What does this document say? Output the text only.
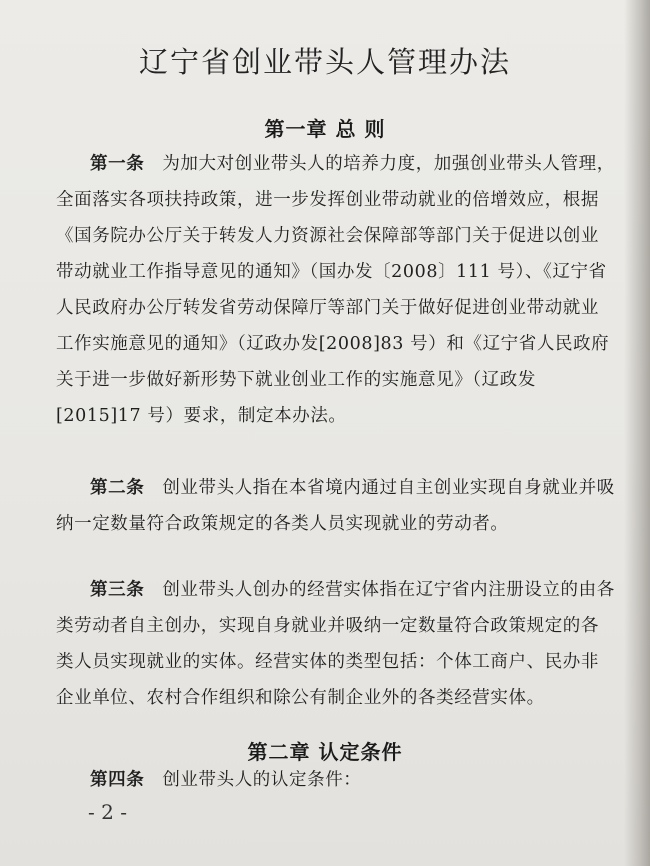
辽宁省创业带头人管理办法
第一章 总 则
第一条 为加大对创业带头人的培养力度，加强创业带头人管理，全面落实各项扶持政策，进一步发挥创业带动就业的倍增效应，根据《国务院办公厅关于转发人力资源社会保障部等部门关于促进以创业带动就业工作指导意见的通知》（国办发〔2008〕111 号）、《辽宁省人民政府办公厅转发省劳动保障厅等部门关于做好促进创业带动就业工作实施意见的通知》（辽政办发[2008]83 号）和《辽宁省人民政府关于进一步做好新形势下就业创业工作的实施意见》（辽政发[2015]17 号）要求，制定本办法。
第二条 创业带头人指在本省境内通过自主创业实现自身就业并吸纳一定数量符合政策规定的各类人员实现就业的劳动者。
第三条 创业带头人创办的经营实体指在辽宁省内注册设立的由各类劳动者自主创办，实现自身就业并吸纳一定数量符合政策规定的各类人员实现就业的实体。经营实体的类型包括：个体工商户、民办非企业单位、农村合作组织和除公有制企业外的各类经营实体。
第二章 认定条件
第四条 创业带头人的认定条件：
- 2 -
